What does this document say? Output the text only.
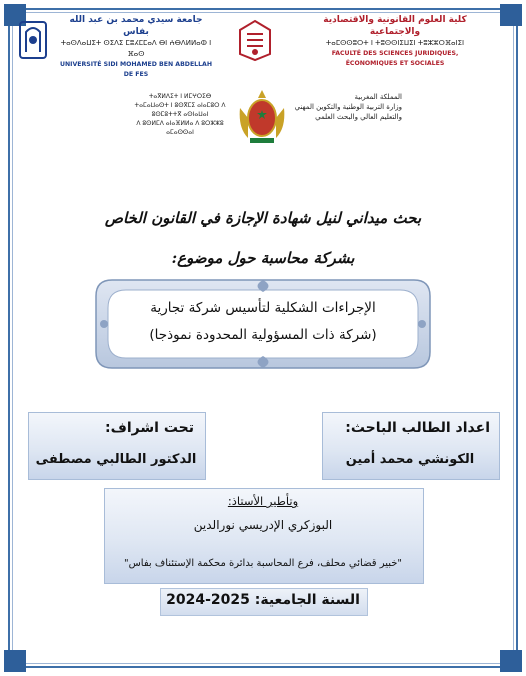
جامعة سيدي محمد بن عبد الله بفاس
ⵜⴰⵙⴷⴰⵡⵉⵜ ⵙⵉⴷⵉ ⵎⵓⵃⵎⵎⴰⴷ ⴱⵏ ⵄⴱⴷⵍⵍⴰⵀ ⵏ ⴼⴰⵙ
UNIVERSITÉ SIDI MOHAMED BEN ABDELLAH DE FES
كلية العلوم القانونية والاقتصادية والاجتماعية
ⵜⴰⵎⵙⵙⵓⵔⵜ ⵏ ⵜⵓⵙⵙⵏⵉⵡⵉⵏ ⵜⵓⵣⵣⵔⴼⴰⵏⵉⵏ
FACULTÉ DES SCIENCES JURIDIQUES, ÉCONOMIQUES ET SOCIALES
ⵜⴰⴳⵍⴷⵉⵜ ⵏ ⵍⵎⵖⵔⵉⴱ
ⵜⴰⵎⴰⵡⴰⵙⵜ ⵏ ⵓⵙⴳⵎⵉ ⴰⵏⴰⵎⵓⵔ ⴷ ⵓⵙⵎⵓⵜⵜⴳ ⴰⵙⵏⴰⵡⴰⵏ
ⴷ ⵓⵙⵍⵎⴷ ⴰⵏⴰⴼⵍⵍⴰ ⴷ ⵓⵔⵣⵣⵓ ⴰⵎⴰⵙⵙⴰⵏ
المملكة المغربية
وزارة التربية الوطنية والتكوين المهني
والتعليم العالي والبحث العلمي
بحث ميداني لنيل شهادة الإجازة في القانون الخاص
بشركة محاسبة حول موضوع:
الإجراءات الشكلية لتأسيس شركة تجارية
(شركة ذات المسؤولية المحدودة نموذجا)
تحت اشراف:
الدكتور الطالبي مصطفى
اعداد الطالب الباحث:
الكونشي محمد أمين
وتأطير الأستاذ:
البوزكري الإدريسي نورالدين
"خبير قضائي محلف، فرع المحاسبة بدائرة محكمة الإستئناف بفاس"
السنة الجامعية: 2025-2024
